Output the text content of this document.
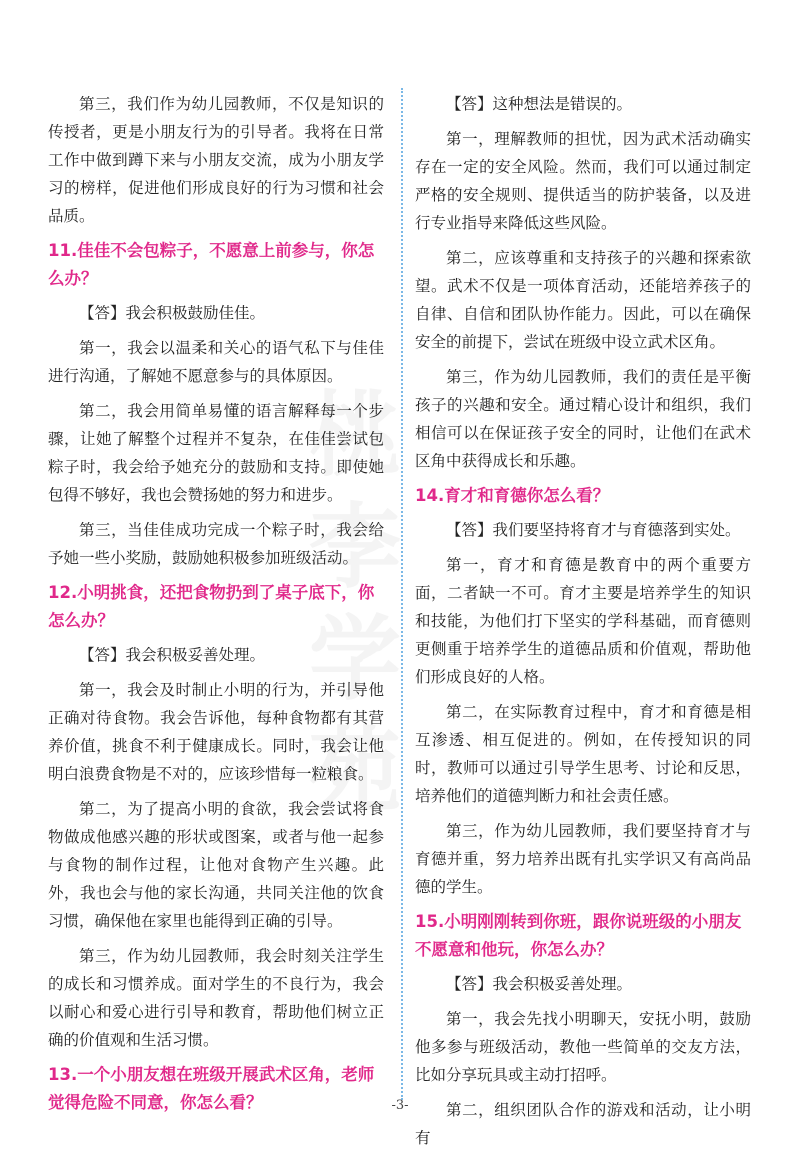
桃李学苑

第三，我们作为幼儿园教师，不仅是知识的传授者，更是小朋友行为的引导者。我将在日常工作中做到蹲下来与小朋友交流，成为小朋友学习的榜样，促进他们形成良好的行为习惯和社会品质。

11.佳佳不会包粽子，不愿意上前参与，你怎么办？

【答】我会积极鼓励佳佳。

第一，我会以温柔和关心的语气私下与佳佳进行沟通，了解她不愿意参与的具体原因。

第二，我会用简单易懂的语言解释每一个步骤，让她了解整个过程并不复杂，在佳佳尝试包粽子时，我会给予她充分的鼓励和支持。即使她包得不够好，我也会赞扬她的努力和进步。

第三，当佳佳成功完成一个粽子时，我会给予她一些小奖励，鼓励她积极参加班级活动。

12.小明挑食，还把食物扔到了桌子底下，你怎么办？

【答】我会积极妥善处理。

第一，我会及时制止小明的行为，并引导他正确对待食物。我会告诉他，每种食物都有其营养价值，挑食不利于健康成长。同时，我会让他明白浪费食物是不对的，应该珍惜每一粒粮食。

第二，为了提高小明的食欲，我会尝试将食物做成他感兴趣的形状或图案，或者与他一起参与食物的制作过程，让他对食物产生兴趣。此外，我也会与他的家长沟通，共同关注他的饮食习惯，确保他在家里也能得到正确的引导。

第三，作为幼儿园教师，我会时刻关注学生的成长和习惯养成。面对学生的不良行为，我会以耐心和爱心进行引导和教育，帮助他们树立正确的价值观和生活习惯。

13.一个小朋友想在班级开展武术区角，老师觉得危险不同意，你怎么看？

【答】这种想法是错误的。

第一，理解教师的担忧，因为武术活动确实存在一定的安全风险。然而，我们可以通过制定严格的安全规则、提供适当的防护装备，以及进行专业指导来降低这些风险。

第二，应该尊重和支持孩子的兴趣和探索欲望。武术不仅是一项体育活动，还能培养孩子的自律、自信和团队协作能力。因此，可以在确保安全的前提下，尝试在班级中设立武术区角。

第三，作为幼儿园教师，我们的责任是平衡孩子的兴趣和安全。通过精心设计和组织，我们相信可以在保证孩子安全的同时，让他们在武术区角中获得成长和乐趣。

14.育才和育德你怎么看？

【答】我们要坚持将育才与育德落到实处。

第一，育才和育德是教育中的两个重要方面，二者缺一不可。育才主要是培养学生的知识和技能，为他们打下坚实的学科基础，而育德则更侧重于培养学生的道德品质和价值观，帮助他们形成良好的人格。

第二，在实际教育过程中，育才和育德是相互渗透、相互促进的。例如，在传授知识的同时，教师可以通过引导学生思考、讨论和反思，培养他们的道德判断力和社会责任感。

第三，作为幼儿园教师，我们要坚持育才与育德并重，努力培养出既有扎实学识又有高尚品德的学生。

15.小明刚刚转到你班，跟你说班级的小朋友不愿意和他玩，你怎么办？

【答】我会积极妥善处理。

第一，我会先找小明聊天，安抚小明，鼓励他多参与班级活动，教他一些简单的交友方法，比如分享玩具或主动打招呼。

第二，组织团队合作的游戏和活动，让小明有

-3-
